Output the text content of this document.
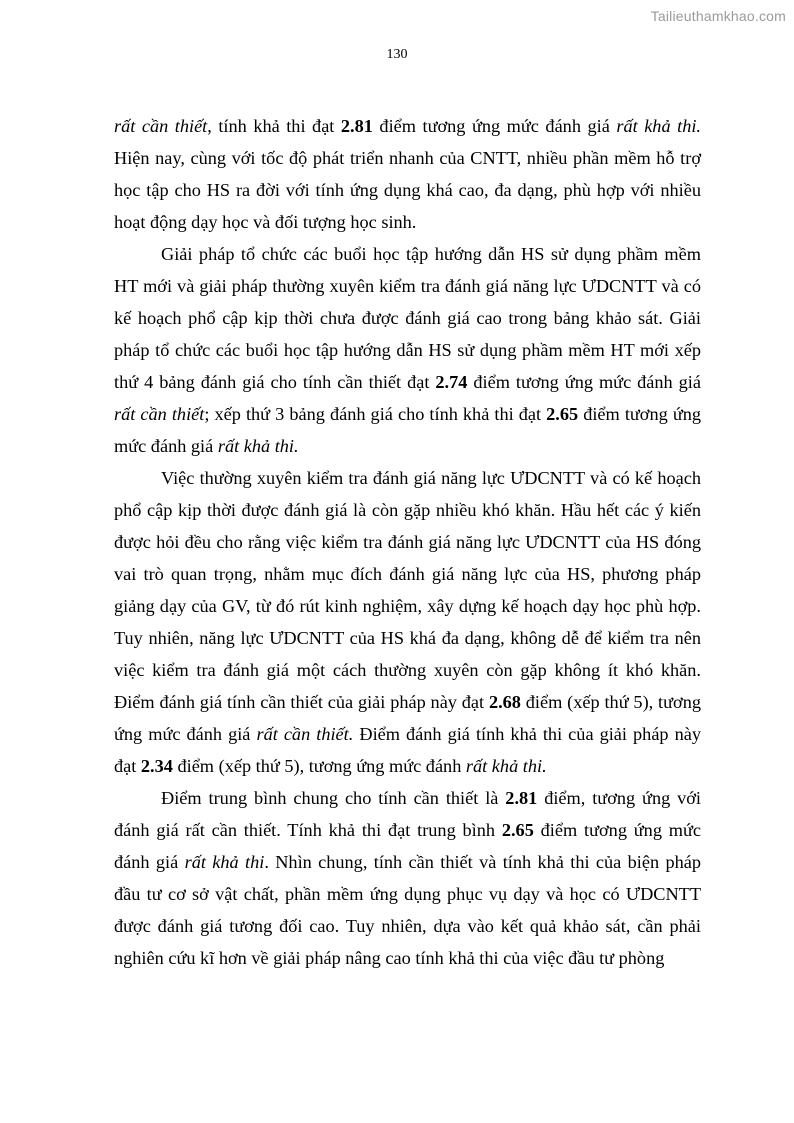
Tailieuthamkhao.com
130

rất cần thiết, tính khả thi đạt 2.81 điểm tương ứng mức đánh giá rất khả thi. Hiện nay, cùng với tốc độ phát triển nhanh của CNTT, nhiều phần mềm hỗ trợ học tập cho HS ra đời với tính ứng dụng khá cao, đa dạng, phù hợp với nhiều hoạt động dạy học và đối tượng học sinh.

Giải pháp tổ chức các buổi học tập hướng dẫn HS sử dụng phầm mềm HT mới và giải pháp thường xuyên kiểm tra đánh giá năng lực ƯDCNTT và có kế hoạch phổ cập kịp thời chưa được đánh giá cao trong bảng khảo sát. Giải pháp tổ chức các buổi học tập hướng dẫn HS sử dụng phầm mềm HT mới xếp thứ 4 bảng đánh giá cho tính cần thiết đạt 2.74 điểm tương ứng mức đánh giá rất cần thiết; xếp thứ 3 bảng đánh giá cho tính khả thi đạt 2.65 điểm tương ứng mức đánh giá rất khả thi.

Việc thường xuyên kiểm tra đánh giá năng lực ƯDCNTT và có kế hoạch phổ cập kịp thời được đánh giá là còn gặp nhiều khó khăn. Hầu hết các ý kiến được hỏi đều cho rằng việc kiểm tra đánh giá năng lực ƯDCNTT của HS đóng vai trò quan trọng, nhằm mục đích đánh giá năng lực của HS, phương pháp giảng dạy của GV, từ đó rút kinh nghiệm, xây dựng kế hoạch dạy học phù hợp. Tuy nhiên, năng lực ƯDCNTT của HS khá đa dạng, không dễ để kiểm tra nên việc kiểm tra đánh giá một cách thường xuyên còn gặp không ít khó khăn. Điểm đánh giá tính cần thiết của giải pháp này đạt 2.68 điểm (xếp thứ 5), tương ứng mức đánh giá rất cần thiết. Điểm đánh giá tính khả thi của giải pháp này đạt 2.34 điểm (xếp thứ 5), tương ứng mức đánh rất khả thi.

Điểm trung bình chung cho tính cần thiết là 2.81 điểm, tương ứng với đánh giá rất cần thiết. Tính khả thi đạt trung bình 2.65 điểm tương ứng mức đánh giá rất khả thi. Nhìn chung, tính cần thiết và tính khả thi của biện pháp đầu tư cơ sở vật chất, phần mềm ứng dụng phục vụ dạy và học có ƯDCNTT được đánh giá tương đối cao. Tuy nhiên, dựa vào kết quả khảo sát, cần phải nghiên cứu kĩ hơn về giải pháp nâng cao tính khả thi của việc đầu tư phòng
